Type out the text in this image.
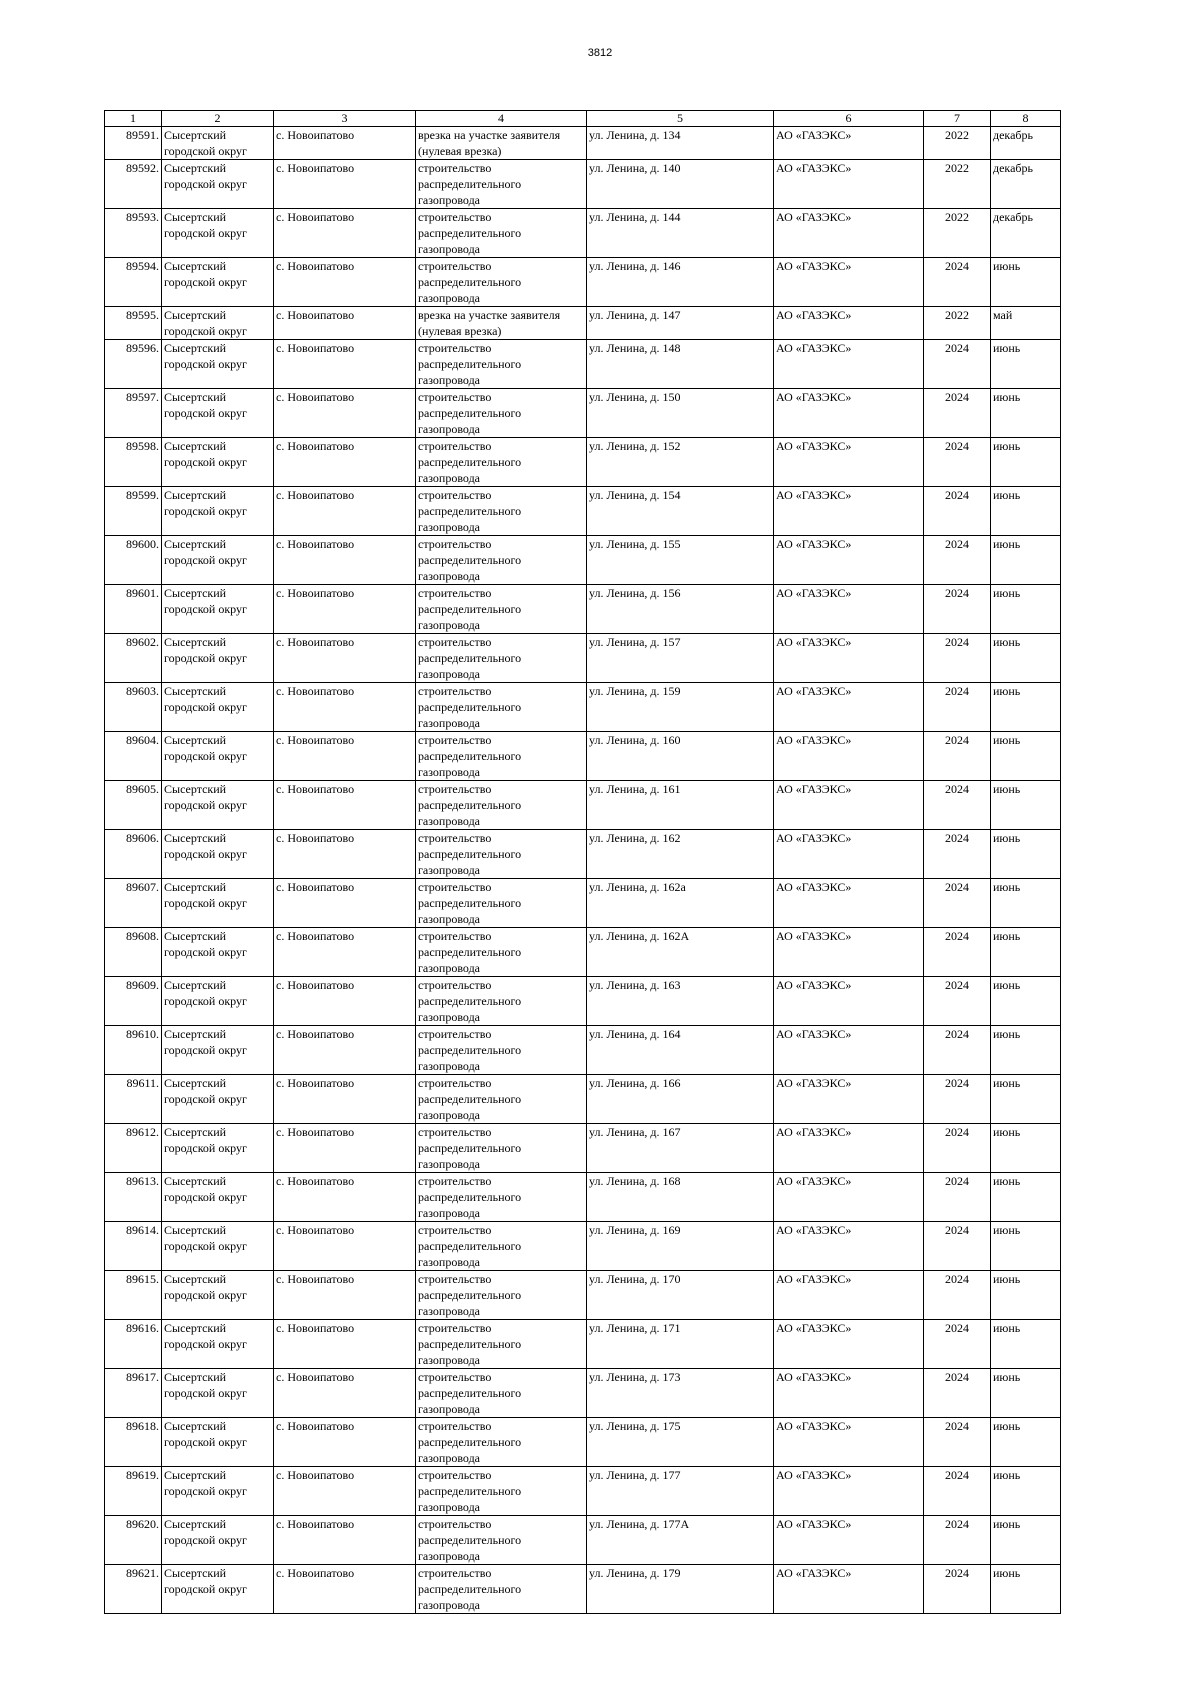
3812
1	2	3	4	5	6	7	8
89591.	Сысертский городской округ	с. Новоипатово	врезка на участке заявителя (нулевая врезка)	ул. Ленина, д. 134	АО «ГАЗЭКС»	2022	декабрь
89592.	Сысертский городской округ	с. Новоипатово	строительство распределительного газопровода	ул. Ленина, д. 140	АО «ГАЗЭКС»	2022	декабрь
89593.	Сысертский городской округ	с. Новоипатово	строительство распределительного газопровода	ул. Ленина, д. 144	АО «ГАЗЭКС»	2022	декабрь
89594.	Сысертский городской округ	с. Новоипатово	строительство распределительного газопровода	ул. Ленина, д. 146	АО «ГАЗЭКС»	2024	июнь
89595.	Сысертский городской округ	с. Новоипатово	врезка на участке заявителя (нулевая врезка)	ул. Ленина, д. 147	АО «ГАЗЭКС»	2022	май
89596.	Сысертский городской округ	с. Новоипатово	строительство распределительного газопровода	ул. Ленина, д. 148	АО «ГАЗЭКС»	2024	июнь
89597.	Сысертский городской округ	с. Новоипатово	строительство распределительного газопровода	ул. Ленина, д. 150	АО «ГАЗЭКС»	2024	июнь
89598.	Сысертский городской округ	с. Новоипатово	строительство распределительного газопровода	ул. Ленина, д. 152	АО «ГАЗЭКС»	2024	июнь
89599.	Сысертский городской округ	с. Новоипатово	строительство распределительного газопровода	ул. Ленина, д. 154	АО «ГАЗЭКС»	2024	июнь
89600.	Сысертский городской округ	с. Новоипатово	строительство распределительного газопровода	ул. Ленина, д. 155	АО «ГАЗЭКС»	2024	июнь
89601.	Сысертский городской округ	с. Новоипатово	строительство распределительного газопровода	ул. Ленина, д. 156	АО «ГАЗЭКС»	2024	июнь
89602.	Сысертский городской округ	с. Новоипатово	строительство распределительного газопровода	ул. Ленина, д. 157	АО «ГАЗЭКС»	2024	июнь
89603.	Сысертский городской округ	с. Новоипатово	строительство распределительного газопровода	ул. Ленина, д. 159	АО «ГАЗЭКС»	2024	июнь
89604.	Сысертский городской округ	с. Новоипатово	строительство распределительного газопровода	ул. Ленина, д. 160	АО «ГАЗЭКС»	2024	июнь
89605.	Сысертский городской округ	с. Новоипатово	строительство распределительного газопровода	ул. Ленина, д. 161	АО «ГАЗЭКС»	2024	июнь
89606.	Сысертский городской округ	с. Новоипатово	строительство распределительного газопровода	ул. Ленина, д. 162	АО «ГАЗЭКС»	2024	июнь
89607.	Сысертский городской округ	с. Новоипатово	строительство распределительного газопровода	ул. Ленина, д. 162а	АО «ГАЗЭКС»	2024	июнь
89608.	Сысертский городской округ	с. Новоипатово	строительство распределительного газопровода	ул. Ленина, д. 162А	АО «ГАЗЭКС»	2024	июнь
89609.	Сысертский городской округ	с. Новоипатово	строительство распределительного газопровода	ул. Ленина, д. 163	АО «ГАЗЭКС»	2024	июнь
89610.	Сысертский городской округ	с. Новоипатово	строительство распределительного газопровода	ул. Ленина, д. 164	АО «ГАЗЭКС»	2024	июнь
89611.	Сысертский городской округ	с. Новоипатово	строительство распределительного газопровода	ул. Ленина, д. 166	АО «ГАЗЭКС»	2024	июнь
89612.	Сысертский городской округ	с. Новоипатово	строительство распределительного газопровода	ул. Ленина, д. 167	АО «ГАЗЭКС»	2024	июнь
89613.	Сысертский городской округ	с. Новоипатово	строительство распределительного газопровода	ул. Ленина, д. 168	АО «ГАЗЭКС»	2024	июнь
89614.	Сысертский городской округ	с. Новоипатово	строительство распределительного газопровода	ул. Ленина, д. 169	АО «ГАЗЭКС»	2024	июнь
89615.	Сысертский городской округ	с. Новоипатово	строительство распределительного газопровода	ул. Ленина, д. 170	АО «ГАЗЭКС»	2024	июнь
89616.	Сысертский городской округ	с. Новоипатово	строительство распределительного газопровода	ул. Ленина, д. 171	АО «ГАЗЭКС»	2024	июнь
89617.	Сысертский городской округ	с. Новоипатово	строительство распределительного газопровода	ул. Ленина, д. 173	АО «ГАЗЭКС»	2024	июнь
89618.	Сысертский городской округ	с. Новоипатово	строительство распределительного газопровода	ул. Ленина, д. 175	АО «ГАЗЭКС»	2024	июнь
89619.	Сысертский городской округ	с. Новоипатово	строительство распределительного газопровода	ул. Ленина, д. 177	АО «ГАЗЭКС»	2024	июнь
89620.	Сысертский городской округ	с. Новоипатово	строительство распределительного газопровода	ул. Ленина, д. 177А	АО «ГАЗЭКС»	2024	июнь
89621.	Сысертский городской округ	с. Новоипатово	строительство распределительного газопровода	ул. Ленина, д. 179	АО «ГАЗЭКС»	2024	июнь
